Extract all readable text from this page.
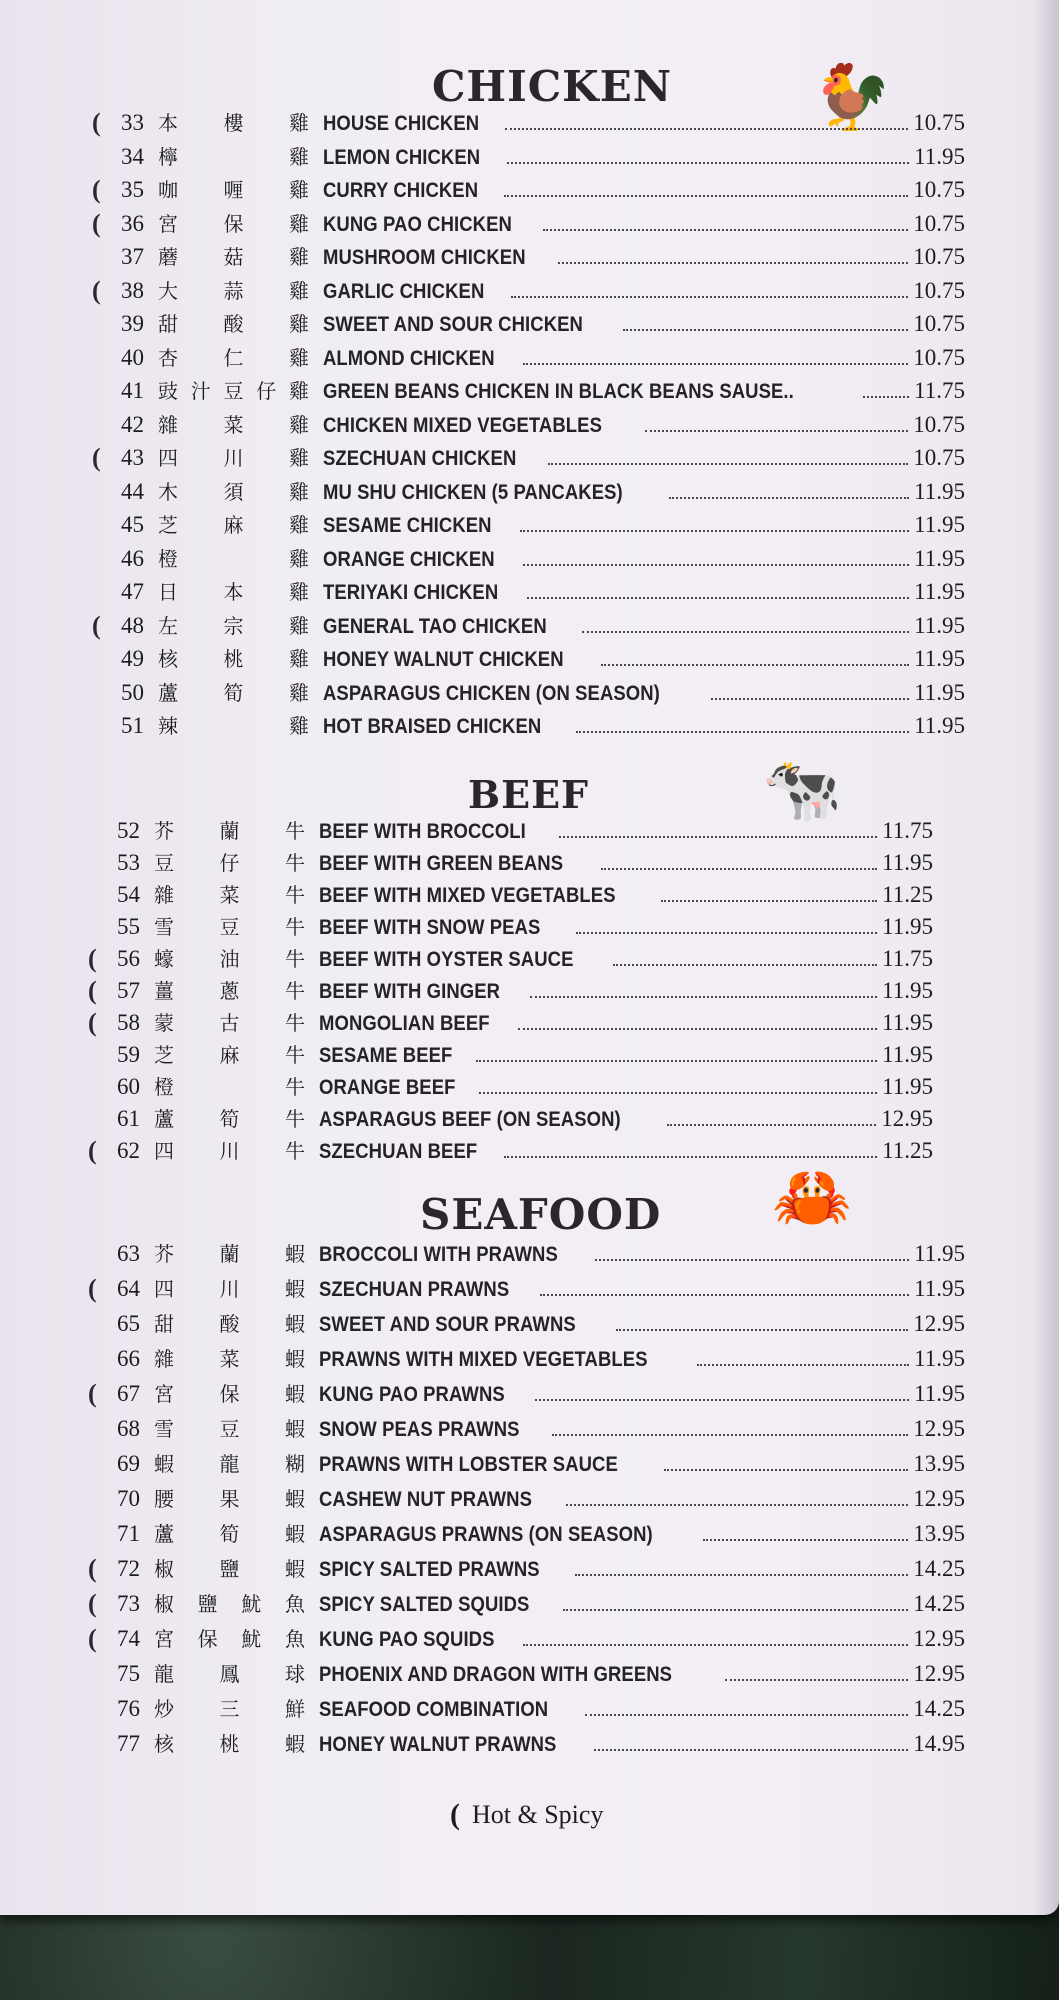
CHICKEN 🐓
( 33 本 樓 雞 HOUSE CHICKEN	10.75
34 檸	雞 LEMON CHICKEN	11.95
( 35 咖 喱 雞 CURRY CHICKEN	10.75
( 36 宮 保 雞 KUNG PAO CHICKEN	10.75
37 蘑 菇 雞 MUSHROOM CHICKEN	10.75
( 38 大 蒜 雞 GARLIC CHICKEN	10.75
39 甜 酸 雞 SWEET AND SOUR CHICKEN	10.75
40 杏 仁 雞 ALMOND CHICKEN	10.75
41 豉 汁 豆 仔 雞 GREEN BEANS CHICKEN IN BLACK BEANS SAUSE..	11.75
42 雜 菜 雞 CHICKEN MIXED VEGETABLES	10.75
( 43 四 川 雞 SZECHUAN CHICKEN	10.75
44 木 須 雞 MU SHU CHICKEN (5 PANCAKES)	11.95
45 芝 麻 雞 SESAME CHICKEN	11.95
46 橙	雞 ORANGE CHICKEN	11.95
47 日 本 雞 TERIYAKI CHICKEN	11.95
( 48 左 宗 雞 GENERAL TAO CHICKEN	11.95
49 核 桃 雞 HONEY WALNUT CHICKEN	11.95
50 蘆 筍 雞 ASPARAGUS CHICKEN (ON SEASON)	11.95
51 辣	雞 HOT BRAISED CHICKEN	11.95
BEEF	🐄
52 芥 蘭 牛 BEEF WITH BROCCOLI	11.75
53 豆 仔 牛 BEEF WITH GREEN BEANS	11.95
54 雜 菜 牛 BEEF WITH MIXED VEGETABLES	11.25
55 雪 豆 牛 BEEF WITH SNOW PEAS	11.95
( 56 蠔 油 牛 BEEF WITH OYSTER SAUCE	11.75
( 57 薑 蔥 牛 BEEF WITH GINGER	11.95
( 58 蒙 古 牛 MONGOLIAN BEEF	11.95
59 芝 麻 牛 SESAME BEEF	11.95
60 橙	牛 ORANGE BEEF	11.95
61 蘆 筍 牛 ASPARAGUS BEEF (ON SEASON)	12.95
( 62 四 川 牛 SZECHUAN BEEF	11.25
SEAFOOD 🦀
63 芥 蘭 蝦 BROCCOLI WITH PRAWNS	11.95
( 64 四 川 蝦 SZECHUAN PRAWNS	11.95
65 甜 酸 蝦 SWEET AND SOUR PRAWNS	12.95
66 雜 菜 蝦 PRAWNS WITH MIXED VEGETABLES	11.95
( 67 宮 保 蝦 KUNG PAO PRAWNS	11.95
68 雪 豆 蝦 SNOW PEAS PRAWNS	12.95
69 蝦 龍 糊 PRAWNS WITH LOBSTER SAUCE	13.95
70 腰 果 蝦 CASHEW NUT PRAWNS	12.95
71 蘆 筍 蝦 ASPARAGUS PRAWNS (ON SEASON)	13.95
( 72 椒 鹽 蝦 SPICY SALTED PRAWNS	14.25
( 73 椒 鹽 魷 魚 SPICY SALTED SQUIDS	14.25
( 74 宮 保 魷 魚 KUNG PAO SQUIDS	12.95
75 龍 鳳 球 PHOENIX AND DRAGON WITH GREENS	12.95
76 炒 三 鮮 SEAFOOD COMBINATION	14.25
77 核 桃 蝦 HONEY WALNUT PRAWNS	14.95
( Hot & Spicy
